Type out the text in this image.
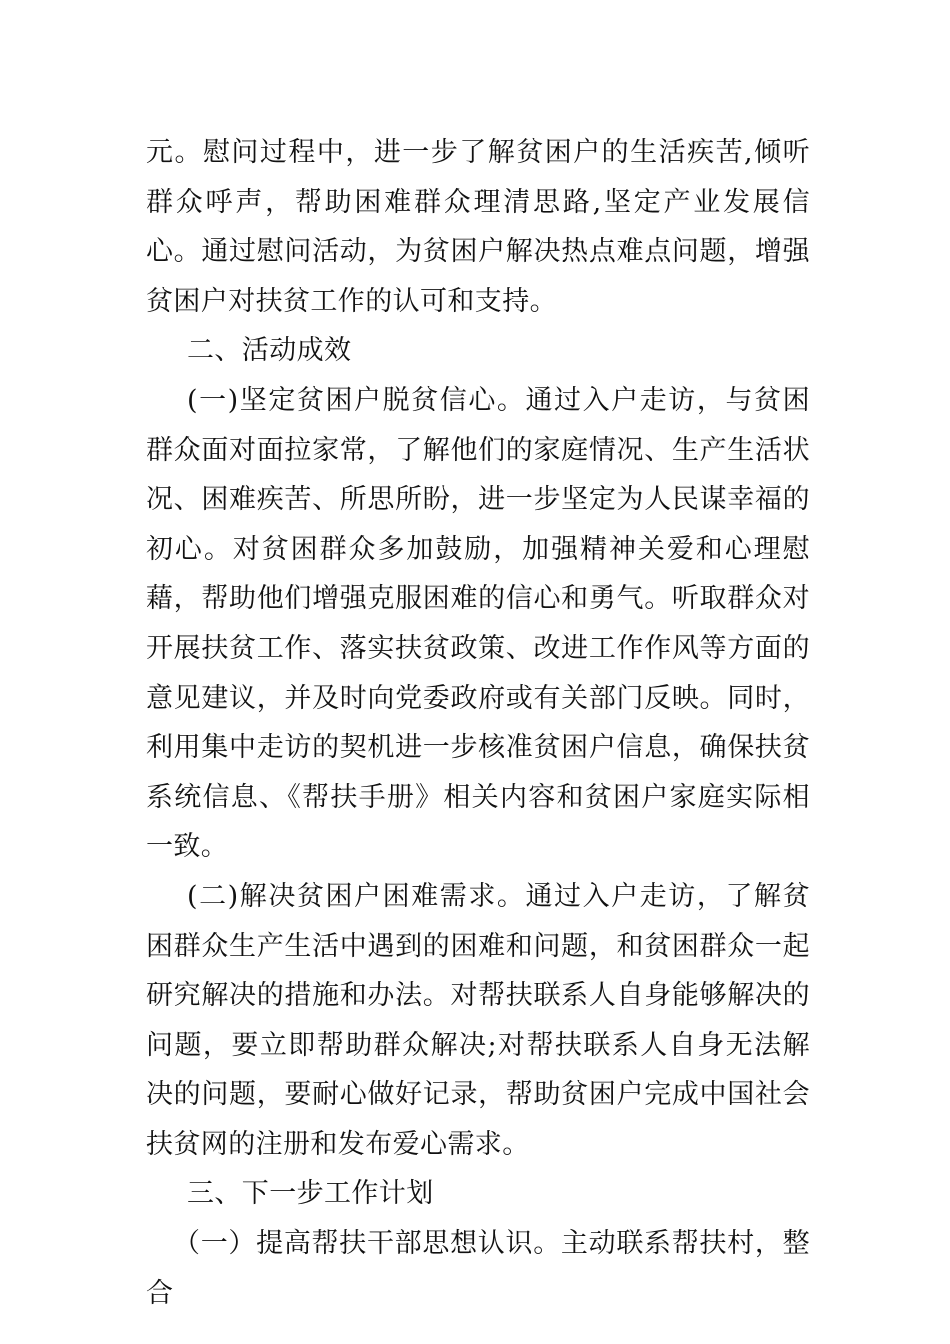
元。慰问过程中，进一步了解贫困户的生活疾苦,倾听群众呼声，帮助困难群众理清思路,坚定产业发展信心。通过慰问活动，为贫困户解决热点难点问题，增强贫困户对扶贫工作的认可和支持。

二、活动成效

(一)坚定贫困户脱贫信心。通过入户走访，与贫困群众面对面拉家常，了解他们的家庭情况、生产生活状况、困难疾苦、所思所盼，进一步坚定为人民谋幸福的初心。对贫困群众多加鼓励，加强精神关爱和心理慰藉，帮助他们增强克服困难的信心和勇气。听取群众对开展扶贫工作、落实扶贫政策、改进工作作风等方面的意见建议，并及时向党委政府或有关部门反映。同时，利用集中走访的契机进一步核准贫困户信息，确保扶贫系统信息、《帮扶手册》相关内容和贫困户家庭实际相一致。

(二)解决贫困户困难需求。通过入户走访，了解贫困群众生产生活中遇到的困难和问题，和贫困群众一起研究解决的措施和办法。对帮扶联系人自身能够解决的问题，要立即帮助群众解决;对帮扶联系人自身无法解决的问题，要耐心做好记录，帮助贫困户完成中国社会扶贫网的注册和发布爱心需求。

三、下一步工作计划

（一）提高帮扶干部思想认识。主动联系帮扶村，整合
